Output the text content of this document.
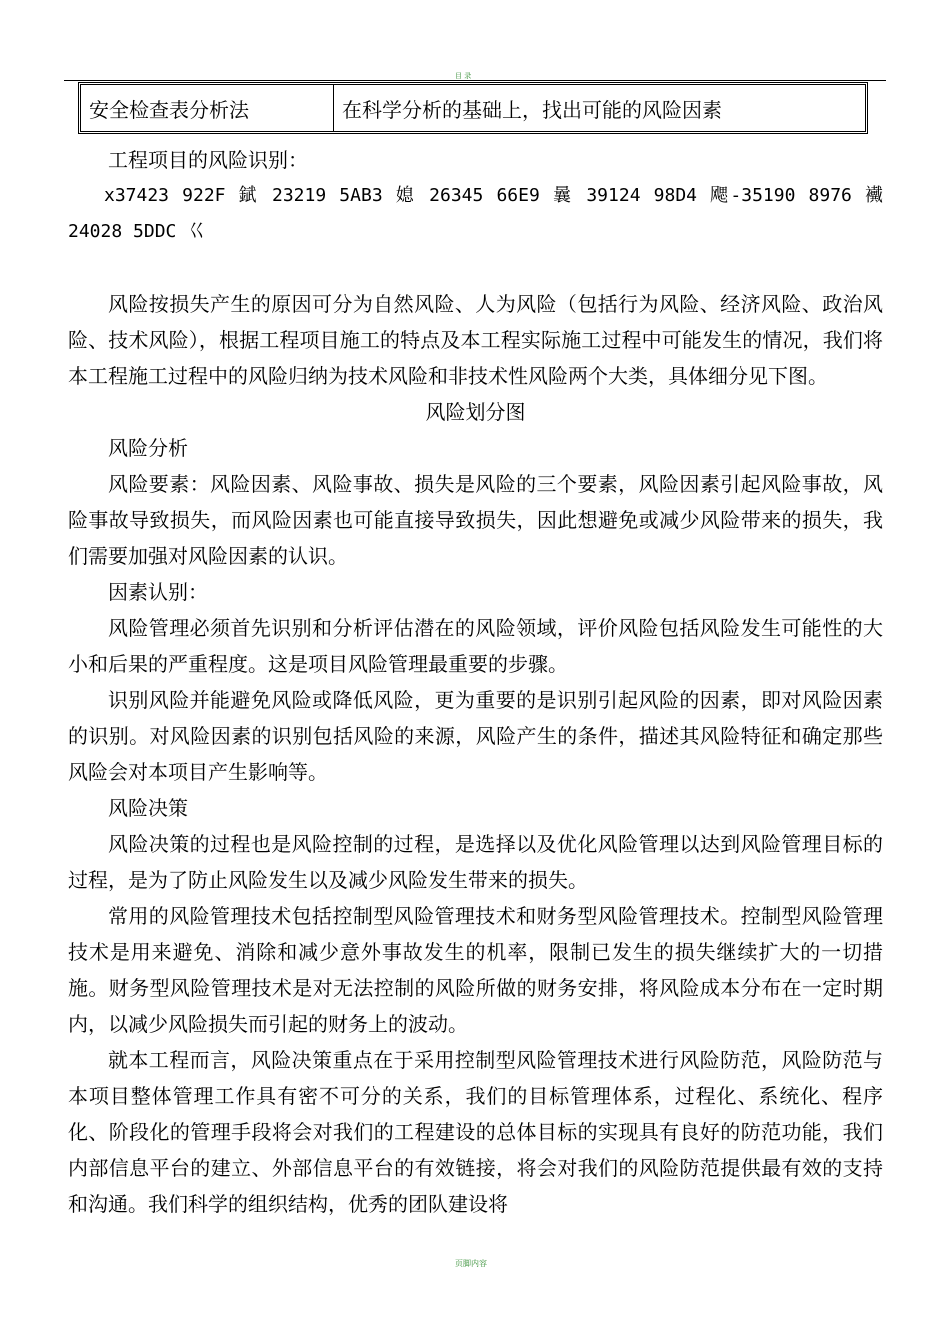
目 录
安全检查表分析法	在科学分析的基础上，找出可能的风险因素

工程项目的风险识别：

x37423 922F 錻 23219 5AB3 媳 26345 66E9 曩 39124 98D4 飔-35190 8976 襶 24028 5DDC 巜

风险按损失产生的原因可分为自然风险、人为风险（包括行为风险、经济风险、政治风险、技术风险），根据工程项目施工的特点及本工程实际施工过程中可能发生的情况，我们将本工程施工过程中的风险归纳为技术风险和非技术性风险两个大类，具体细分见下图。

风险划分图

风险分析

风险要素：风险因素、风险事故、损失是风险的三个要素，风险因素引起风险事故，风险事故导致损失，而风险因素也可能直接导致损失，因此想避免或减少风险带来的损失，我们需要加强对风险因素的认识。

因素认别：

风险管理必须首先识别和分析评估潜在的风险领域，评价风险包括风险发生可能性的大小和后果的严重程度。这是项目风险管理最重要的步骤。

识别风险并能避免风险或降低风险，更为重要的是识别引起风险的因素，即对风险因素的识别。对风险因素的识别包括风险的来源，风险产生的条件，描述其风险特征和确定那些风险会对本项目产生影响等。

风险决策

风险决策的过程也是风险控制的过程，是选择以及优化风险管理以达到风险管理目标的过程，是为了防止风险发生以及减少风险发生带来的损失。

常用的风险管理技术包括控制型风险管理技术和财务型风险管理技术。控制型风险管理技术是用来避免、消除和减少意外事故发生的机率，限制已发生的损失继续扩大的一切措施。财务型风险管理技术是对无法控制的风险所做的财务安排，将风险成本分布在一定时期内，以减少风险损失而引起的财务上的波动。

就本工程而言，风险决策重点在于采用控制型风险管理技术进行风险防范，风险防范与本项目整体管理工作具有密不可分的关系，我们的目标管理体系，过程化、系统化、程序化、阶段化的管理手段将会对我们的工程建设的总体目标的实现具有良好的防范功能，我们内部信息平台的建立、外部信息平台的有效链接，将会对我们的风险防范提供最有效的支持和沟通。我们科学的组织结构，优秀的团队建设将

页脚内容
